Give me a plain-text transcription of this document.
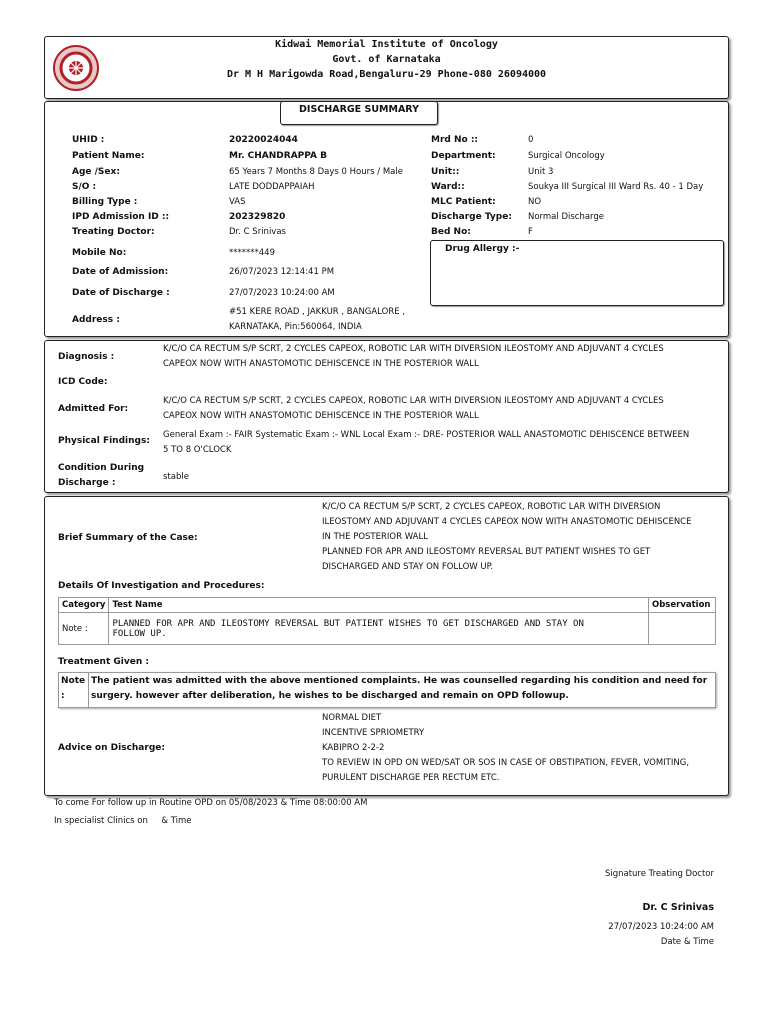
Kidwai Memorial Institute of Oncology
Govt. of Karnataka
Dr M H Marigowda Road,Bengaluru-29 Phone-080 26094000
DISCHARGE SUMMARY
UHID :	20220024044
Patient Name:	Mr. CHANDRAPPA B
Age /Sex:	65 Years 7 Months 8 Days 0 Hours / Male
S/O :	LATE DODDAPPAIAH
Billing Type :	VAS
IPD Admission ID ::	202329820
Treating Doctor:	Dr. C Srinivas
Mobile No:	*******449
Date of Admission:	26/07/2023 12:14:41 PM
Date of Discharge :	27/07/2023 10:24:00 AM
Address :
#51 KERE ROAD , JAKKUR , BANGALORE ,
KARNATAKA, Pin:560064, INDIA
Mrd No ::	0
Department:	Surgical Oncology
Unit::	Unit 3
Ward::	Soukya III Surgical III Ward Rs. 40 - 1 Day
MLC Patient:	NO
Discharge Type: Normal Discharge
Bed No:	F
Drug Allergy :-
Diagnosis :
K/C/O CA RECTUM S/P SCRT, 2 CYCLES CAPEOX, ROBOTIC LAR WITH DIVERSION ILEOSTOMY AND ADJUVANT 4 CYCLES
CAPEOX NOW WITH ANASTOMOTIC DEHISCENCE IN THE POSTERIOR WALL
ICD Code:
Admitted For:
K/C/O CA RECTUM S/P SCRT, 2 CYCLES CAPEOX, ROBOTIC LAR WITH DIVERSION ILEOSTOMY AND ADJUVANT 4 CYCLES
CAPEOX NOW WITH ANASTOMOTIC DEHISCENCE IN THE POSTERIOR WALL
Physical Findings:
General Exam :- FAIR Systematic Exam :- WNL Local Exam :- DRE- POSTERIOR WALL ANASTOMOTIC DEHISCENCE BETWEEN
5 TO 8 O'CLOCK
Condition During
Discharge :
stable
Brief Summary of the Case:
K/C/O CA RECTUM S/P SCRT, 2 CYCLES CAPEOX, ROBOTIC LAR WITH DIVERSION
ILEOSTOMY AND ADJUVANT 4 CYCLES CAPEOX NOW WITH ANASTOMOTIC DEHISCENCE
IN THE POSTERIOR WALL
PLANNED FOR APR AND ILEOSTOMY REVERSAL BUT PATIENT WISHES TO GET
DISCHARGED AND STAY ON FOLLOW UP.
Details Of Investigation and Procedures:
Category	Test Name	Observation
Note :	PLANNED FOR APR AND ILEOSTOMY REVERSAL BUT PATIENT WISHES TO GET DISCHARGED AND STAY ON
FOLLOW UP.	

Treatment Given :
Note
:
The patient was admitted with the above mentioned complaints. He was counselled regarding his condition and need for
surgery. however after deliberation, he wishes to be discharged and remain on OPD followup.
Advice on Discharge:
NORMAL DIET
INCENTIVE SPRIOMETRY
KABIPRO 2-2-2
TO REVIEW IN OPD ON WED/SAT OR SOS IN CASE OF OBSTIPATION, FEVER, VOMITING,
PURULENT DISCHARGE PER RECTUM ETC.
To come For follow up in Routine OPD on 05/08/2023 & Time 08:00:00 AM
In specialist Clinics on     & Time
Signature Treating Doctor
Dr. C Srinivas
27/07/2023 10:24:00 AM
Date & Time
